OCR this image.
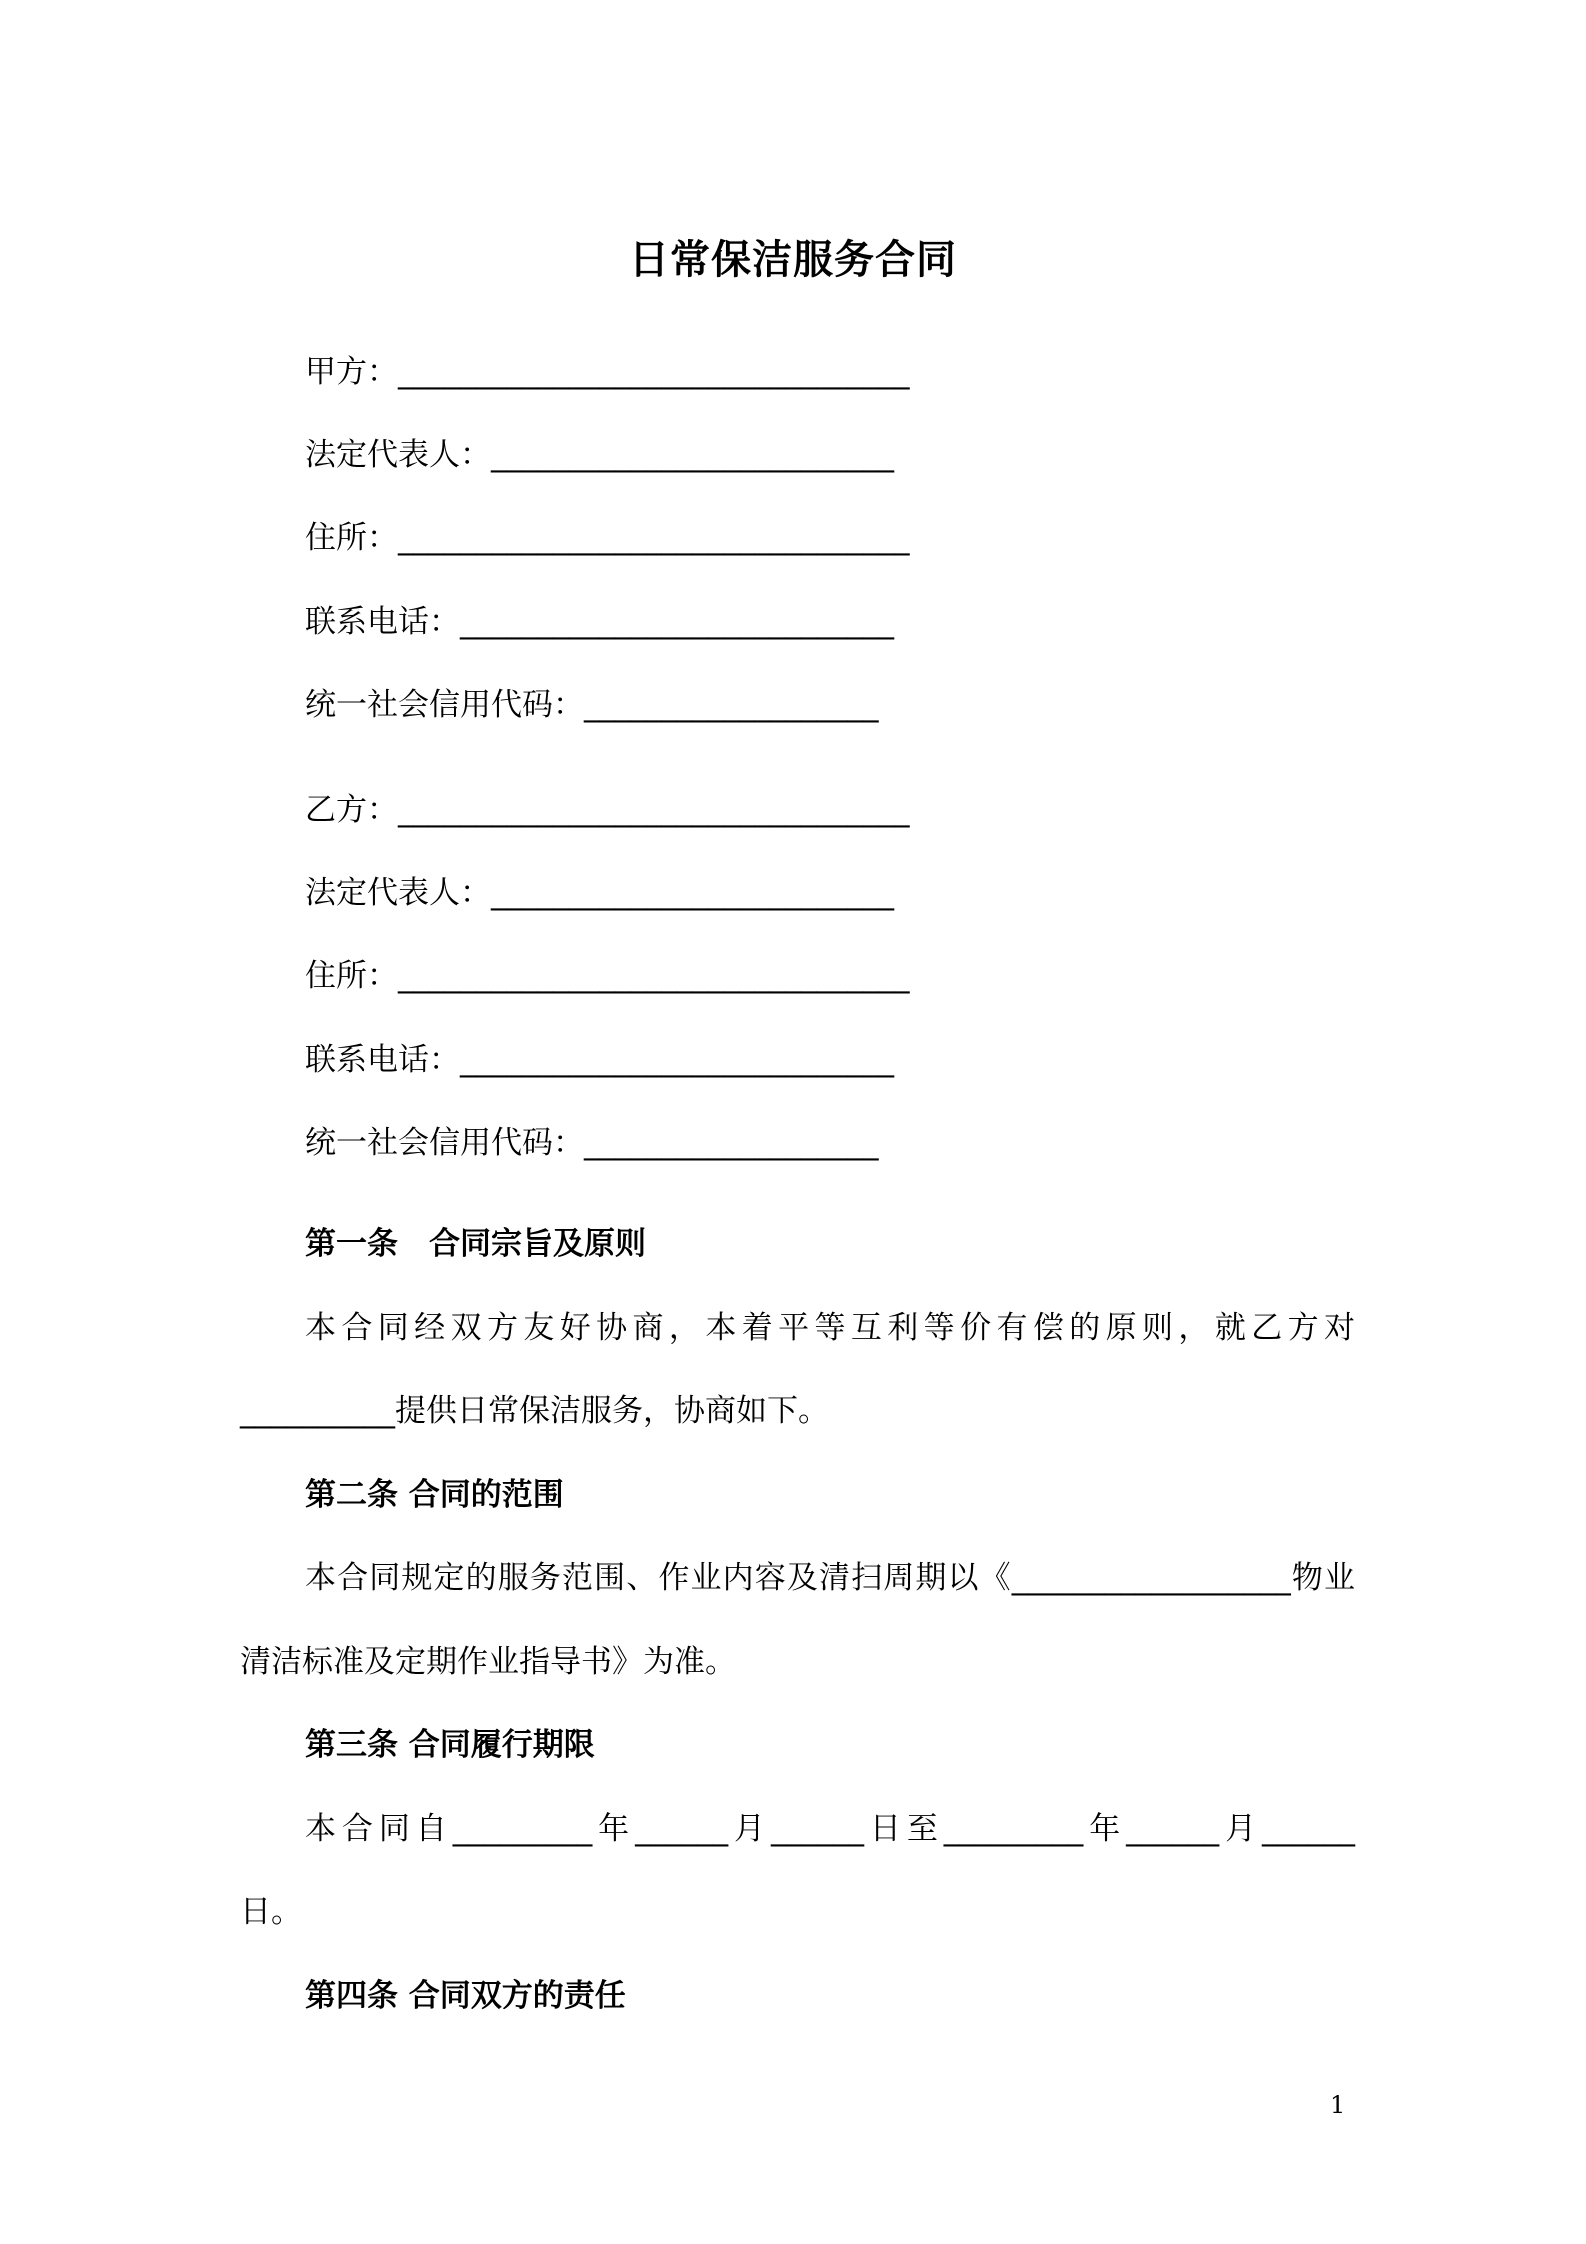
日常保洁服务合同
甲方：_________________________________
法定代表人：__________________________
住所：_________________________________
联系电话：____________________________
统一社会信用代码：___________________
乙方：_________________________________
法定代表人：__________________________
住所：_________________________________
联系电话：____________________________
统一社会信用代码：___________________
第一条　合同宗旨及原则
本合同经双方友好协商，本着平等互利等价有偿的原则，就乙方对
__________提供日常保洁服务，协商如下。
第二条 合同的范围
本合同规定的服务范围、作业内容及清扫周期以《__________________物业
清洁标准及定期作业指导书》为准。
第三条 合同履行期限
本合同自_________年______月______日至_________年______月______
日。
第四条 合同双方的责任
1
